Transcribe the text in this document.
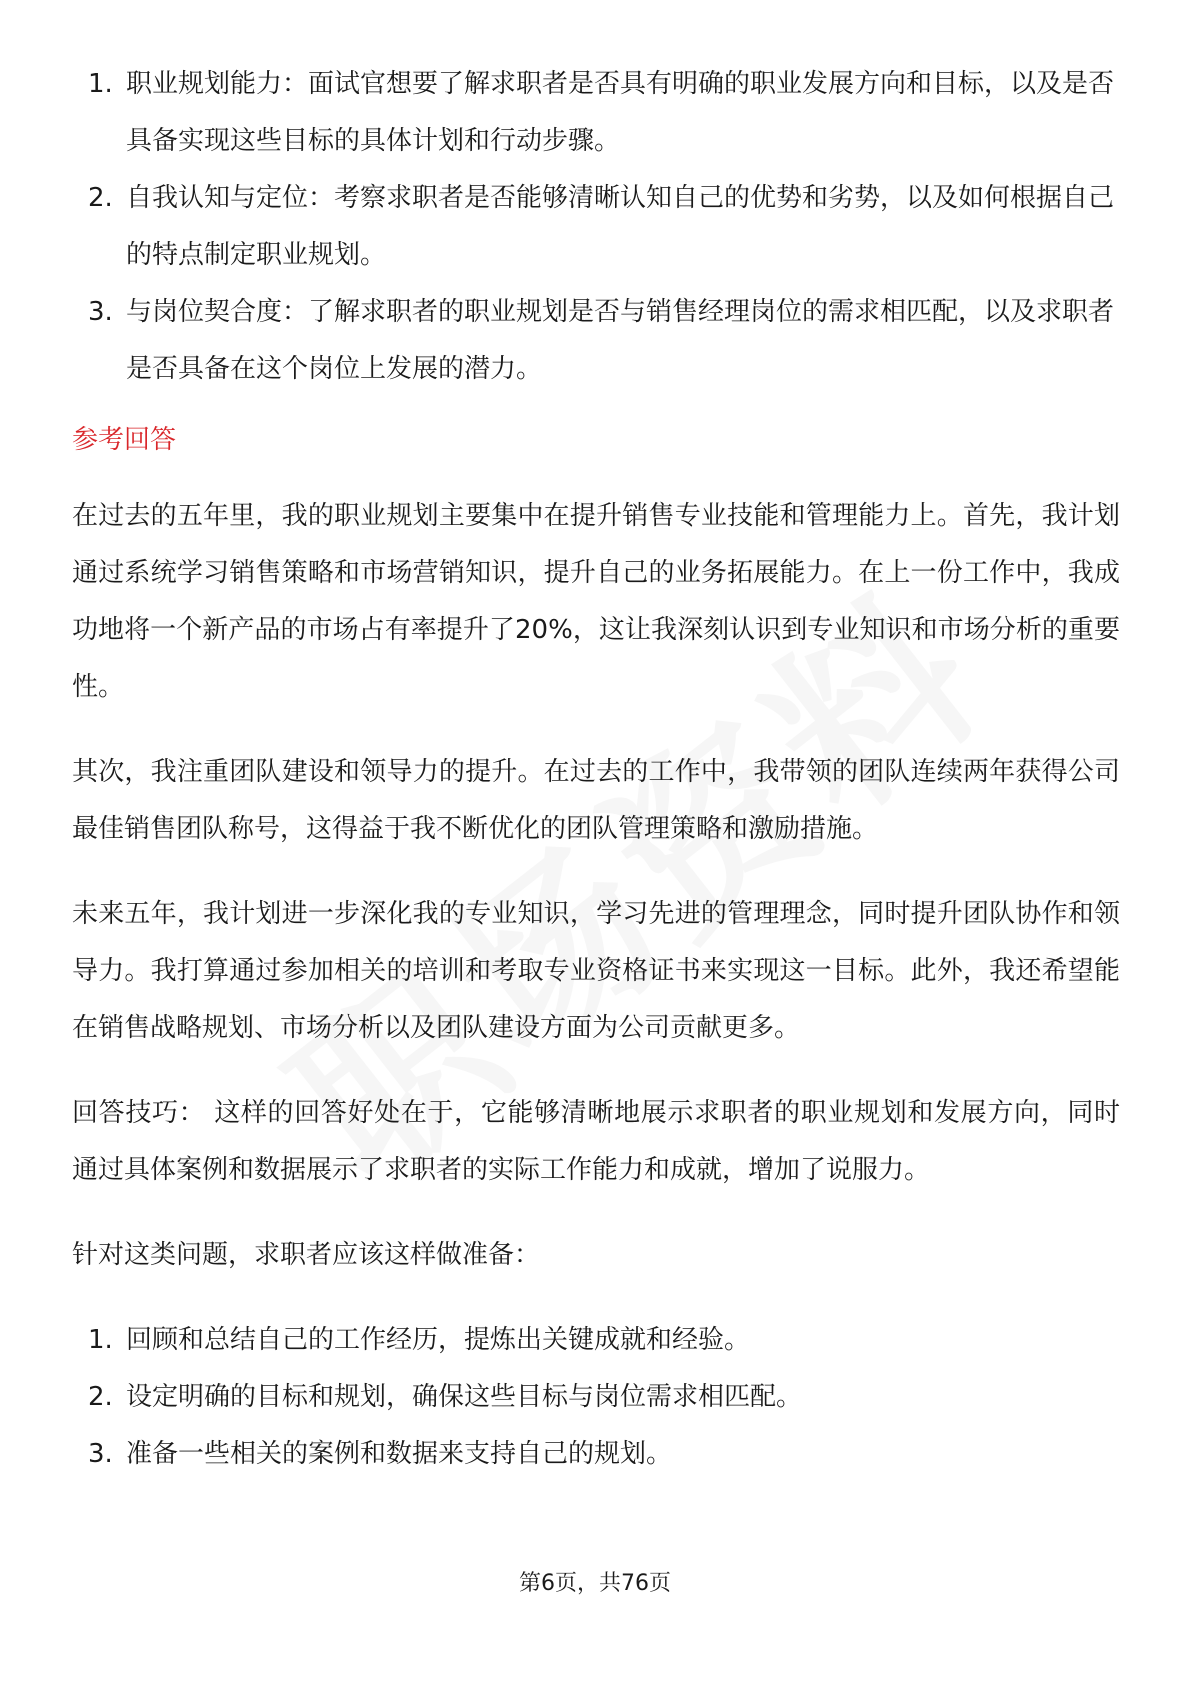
1. 职业规划能力：面试官想要了解求职者是否具有明确的职业发展方向和目标，以及是否具备实现这些目标的具体计划和行动步骤。
2. 自我认知与定位：考察求职者是否能够清晰认知自己的优势和劣势，以及如何根据自己的特点制定职业规划。
3. 与岗位契合度：了解求职者的职业规划是否与销售经理岗位的需求相匹配，以及求职者是否具备在这个岗位上发展的潜力。
参考回答

在过去的五年里，我的职业规划主要集中在提升销售专业技能和管理能力上。首先，我计划通过系统学习销售策略和市场营销知识，提升自己的业务拓展能力。在上一份工作中，我成功地将一个新产品的市场占有率提升了20%，这让我深刻认识到专业知识和市场分析的重要性。

其次，我注重团队建设和领导力的提升。在过去的工作中，我带领的团队连续两年获得公司最佳销售团队称号，这得益于我不断优化的团队管理策略和激励措施。

未来五年，我计划进一步深化我的专业知识，学习先进的管理理念，同时提升团队协作和领导力。我打算通过参加相关的培训和考取专业资格证书来实现这一目标。此外，我还希望能在销售战略规划、市场分析以及团队建设方面为公司贡献更多。

回答技巧： 这样的回答好处在于，它能够清晰地展示求职者的职业规划和发展方向，同时通过具体案例和数据展示了求职者的实际工作能力和成就，增加了说服力。

针对这类问题，求职者应该这样做准备：

1. 回顾和总结自己的工作经历，提炼出关键成就和经验。
2. 设定明确的目标和规划，确保这些目标与岗位需求相匹配。
3. 准备一些相关的案例和数据来支持自己的规划。
第6页，共76页
